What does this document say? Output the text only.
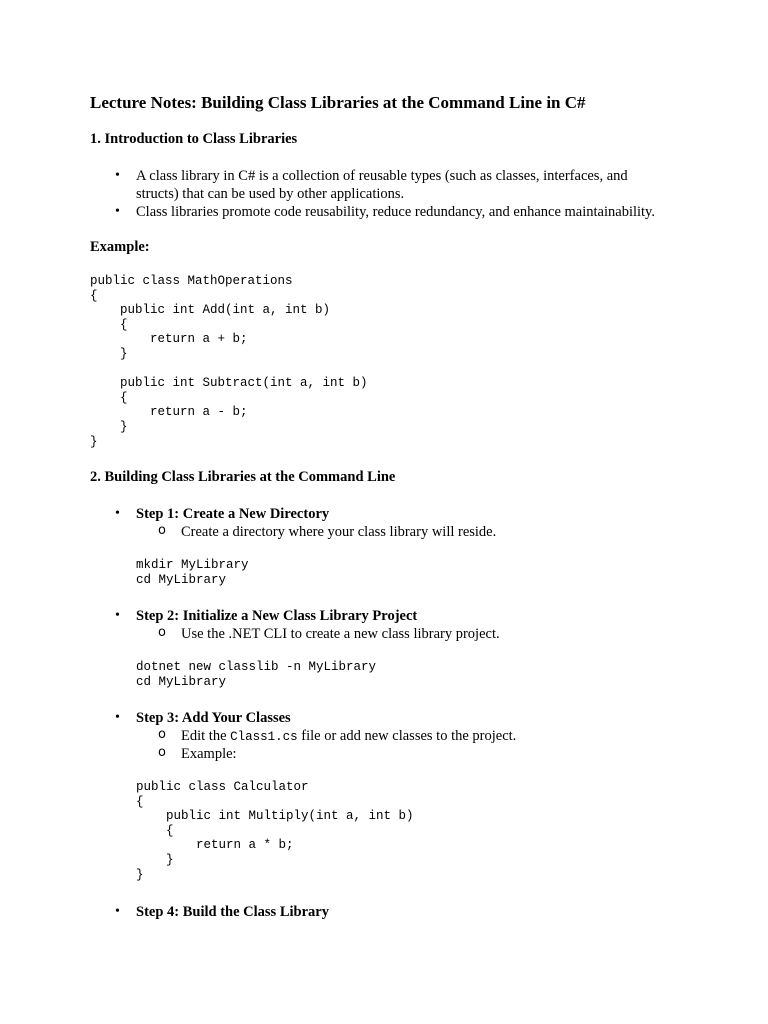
Lecture Notes: Building Class Libraries at the Command Line in C#
1. Introduction to Class Libraries
• A class library in C# is a collection of reusable types (such as classes, interfaces, and
structs) that can be used by other applications.
• Class libraries promote code reusability, reduce redundancy, and enhance maintainability.
Example:
public class MathOperations
{
public int Add(int a, int b)
{
return a + b;
}

public int Subtract(int a, int b)
{
return a - b;
}
}
2. Building Class Libraries at the Command Line
• Step 1: Create a New Directory
o Create a directory where your class library will reside.
mkdir MyLibrary
cd MyLibrary
• Step 2: Initialize a New Class Library Project
o Use the .NET CLI to create a new class library project.
dotnet new classlib -n MyLibrary
cd MyLibrary
• Step 3: Add Your Classes
o Edit the Class1.cs file or add new classes to the project.
o Example:
public class Calculator
{
public int Multiply(int a, int b)
{
return a * b;
}
}
• Step 4: Build the Class Library
